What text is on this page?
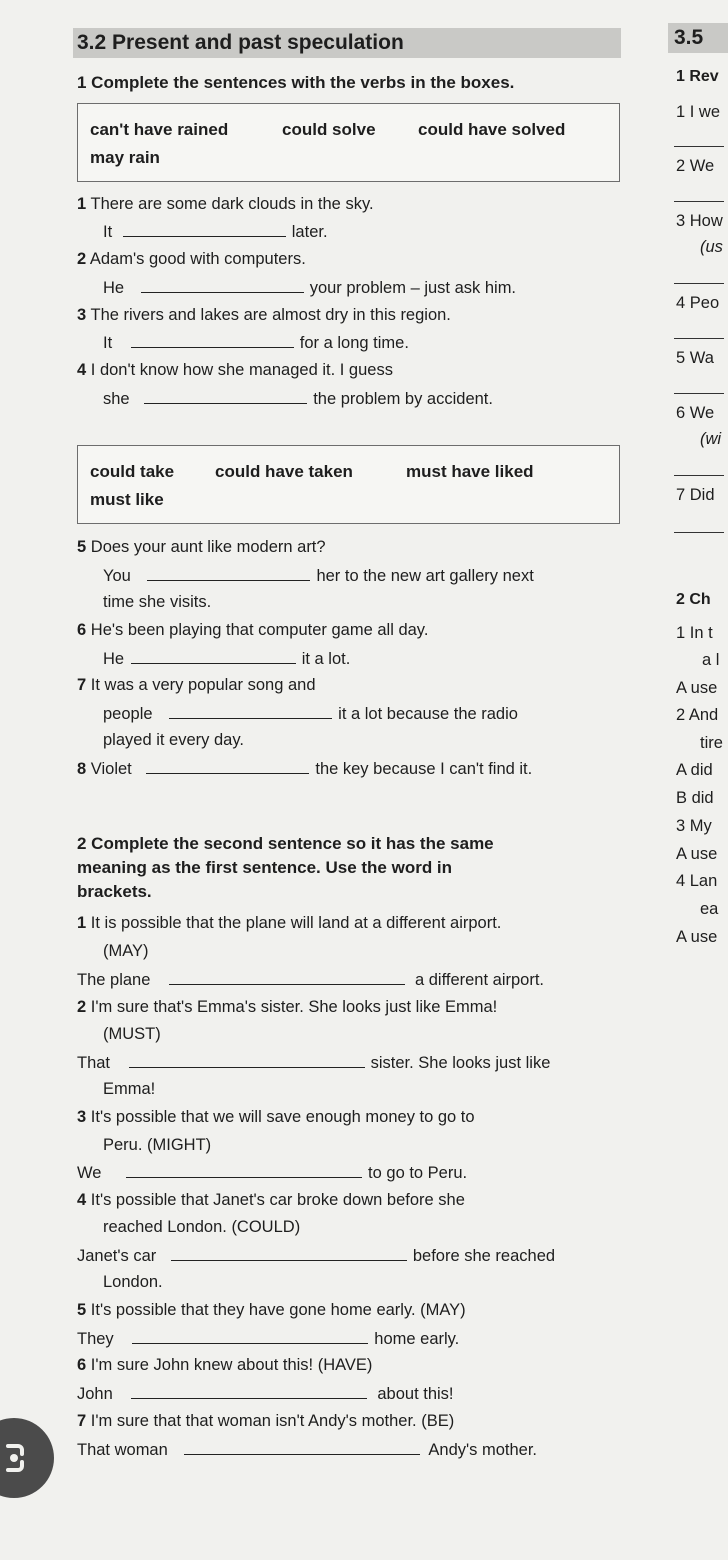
3.2 Present and past speculation	3.5
1 Complete the sentences with the verbs in the boxes.
can't have rained	could solve could have solved
may rain
1 There are some dark clouds in the sky.
It	later.
2 Adam's good with computers.
He	your problem – just ask him.
3 The rivers and lakes are almost dry in this region.
It	for a long time.
4 I don't know how she managed it. I guess
she	the problem by accident.
could take could have taken	must have liked
must like
5 Does your aunt like modern art?
You	her to the new art gallery next
time she visits.
6 He's been playing that computer game all day.
He	it a lot.
7 It was a very popular song and
people	it a lot because the radio
played it every day.
8 Violet	the key because I can't find it.
2 Complete the second sentence so it has the same
meaning as the first sentence. Use the word in
brackets.
1 It is possible that the plane will land at a different airport.
(MAY)
The plane	a different airport.
2 I'm sure that's Emma's sister. She looks just like Emma!
(MUST)
That	sister. She looks just like
Emma!
3 It's possible that we will save enough money to go to
Peru. (MIGHT)
We	to go to Peru.
4 It's possible that Janet's car broke down before she
reached London. (COULD)
Janet's car	before she reached
London.
5 It's possible that they have gone home early. (MAY)
They	home early.
6 I'm sure John knew about this! (HAVE)
John	about this!
7 I'm sure that that woman isn't Andy's mother. (BE)
That woman	Andy's mother.
1 Rev
1 I we
2 We
3 How
(us
4 Peo
5 Wa
6 We
(wi
7 Did
2 Ch
1 In t
a l
A use
2 And
tire
A did
B did
3 My
A use
4 Lan
ea
A use
